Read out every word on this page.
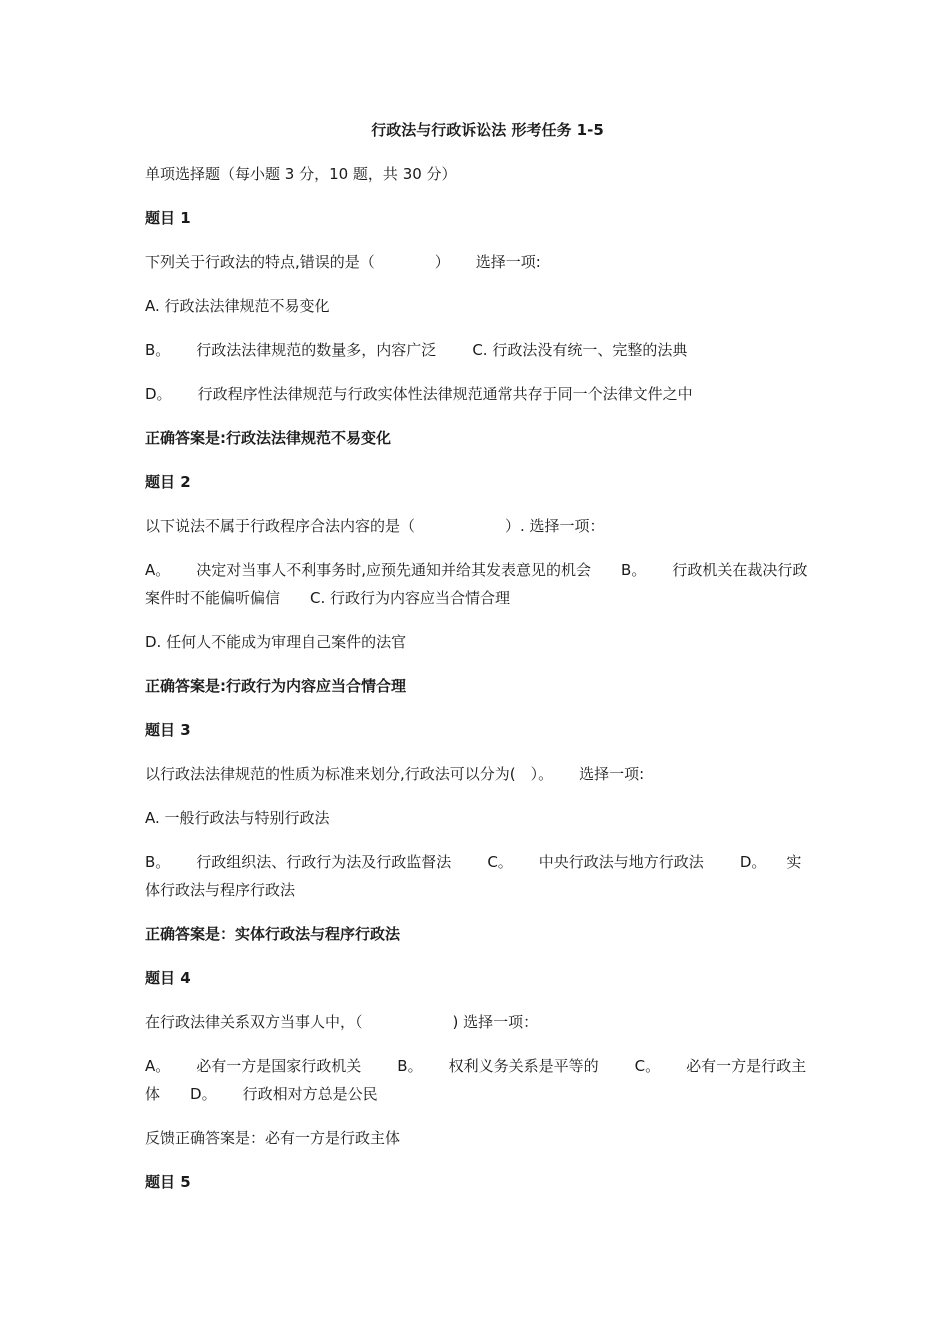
行政法与行政诉讼法 形考任务 1-5

单项选择题（每小题 3 分，10 题，共 30 分）

题目 1

下列关于行政法的特点,错误的是（	） 选择一项:

A. 行政法法律规范不易变化

B。 行政法法律规范的数量多，内容广泛 C. 行政法没有统一、完整的法典

D。 行政程序性法律规范与行政实体性法律规范通常共存于同一个法律文件之中

正确答案是:行政法法律规范不易变化

题目 2

以下说法不属于行政程序合法内容的是（	）. 选择一项：

A。 决定对当事人不利事务时,应预先通知并给其发表意见的机会 B。 行政机关在裁决行政案件时不能偏听偏信 C. 行政行为内容应当合情合理

D. 任何人不能成为审理自己案件的法官

正确答案是:行政行为内容应当合情合理

题目 3

以行政法法律规范的性质为标准来划分,行政法可以分为(　）。 选择一项:

A. 一般行政法与特别行政法

B。 行政组织法、行政行为法及行政监督法 C。 中央行政法与地方行政法 D。 实体行政法与程序行政法

正确答案是：实体行政法与程序行政法

题目 4

在行政法律关系双方当事人中，（	) 选择一项：

A。 必有一方是国家行政机关 B。 权利义务关系是平等的 C。 必有一方是行政主体 D。 行政相对方总是公民

反馈正确答案是：必有一方是行政主体

题目 5
